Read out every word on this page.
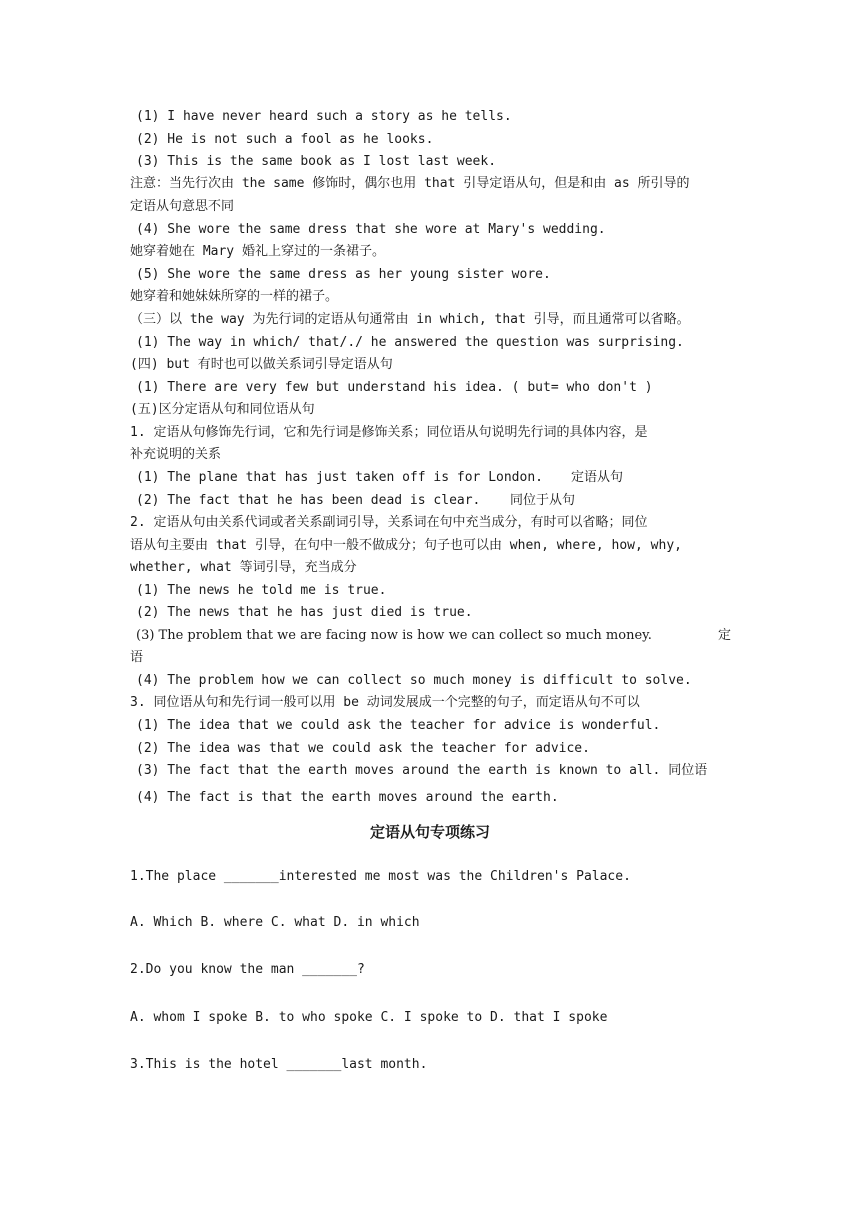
(1) I have never heard such a story as he tells.
(2) He is not such a fool as he looks.
(3) This is the same book as I lost last week.
注意：当先行次由 the same 修饰时，偶尔也用 that 引导定语从句，但是和由 as 所引导的
定语从句意思不同
(4) She wore the same dress that she wore at Mary's wedding.
她穿着她在 Mary 婚礼上穿过的一条裙子。
(5) She wore the same dress as her young sister wore.
她穿着和她妹妹所穿的一样的裙子。
（三）以 the way 为先行词的定语从句通常由 in which, that 引导，而且通常可以省略。
(1) The way in which/ that/./ he answered the question was surprising.
(四) but 有时也可以做关系词引导定语从句
(1) There are very few but understand his idea. ( but= who don't )
(五)区分定语从句和同位语从句
1. 定语从句修饰先行词，它和先行词是修饰关系；同位语从句说明先行词的具体内容，是
补充说明的关系
(1) The plane that has just taken off is for London. 定语从句
(2) The fact that he has been dead is clear. 同位于从句
2. 定语从句由关系代词或者关系副词引导，关系词在句中充当成分，有时可以省略；同位
语从句主要由 that 引导，在句中一般不做成分；句子也可以由 when, where, how, why,
whether, what 等词引导，充当成分
(1) The news he told me is true.
(2) The news that he has just died is true.
(3) The problem that we are facing now is how we can collect so much money.	定
语
(4) The problem how we can collect so much money is difficult to solve.
3. 同位语从句和先行词一般可以用 be 动词发展成一个完整的句子，而定语从句不可以
(1) The idea that we could ask the teacher for advice is wonderful.
(2) The idea was that we could ask the teacher for advice.
(3) The fact that the earth moves around the earth is known to all. 同位语
(4) The fact is that the earth moves around the earth.
定语从句专项练习
1.The place _______interested me most was the Children's Palace.
A. Which B. where C. what D. in which
2.Do you know the man _______?
A. whom I spoke B. to who spoke C. I spoke to D. that I spoke
3.This is the hotel _______last month.
